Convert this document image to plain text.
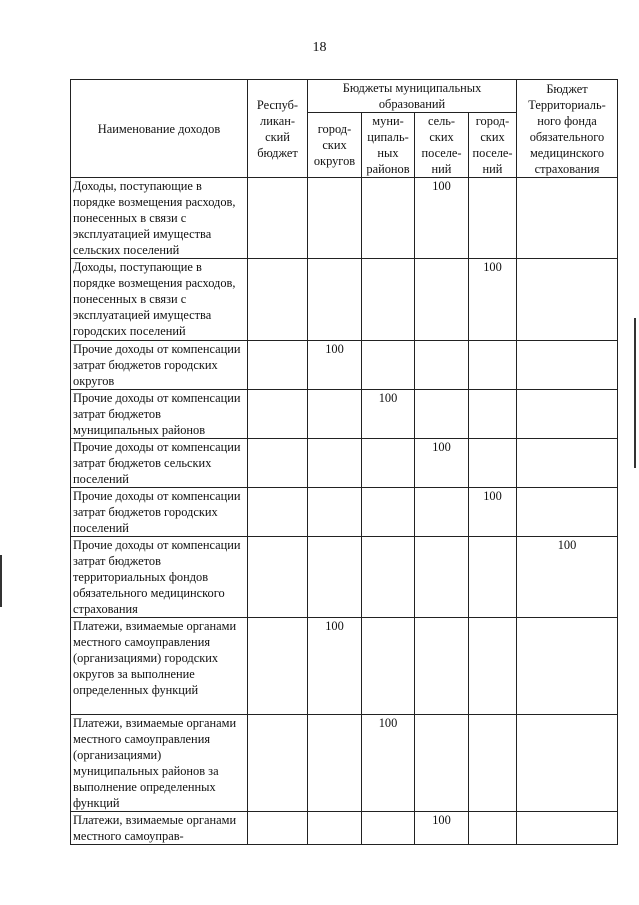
18
Наименование доходов	Респуб-ликан-ский бюджет	Бюджеты муниципальных образований				Бюджет Территориаль-ного фонда обязательного медицинского страхования
		город-ских округов	муни-ципаль-ных районов	сель-ских поселе-ний	город-ских поселе-ний	
Доходы, поступающие в порядке возмещения расходов, понесенных в связи с эксплуатацией имущества сельских поселений				100		
Доходы, поступающие в порядке возмещения расходов, понесенных в связи с эксплуатацией имущества городских поселений					100	
Прочие доходы от компенсации затрат бюджетов городских округов		100				
Прочие доходы от компенсации затрат бюджетов муниципальных районов			100			
Прочие доходы от компенсации затрат бюджетов сельских поселений				100		
Прочие доходы от компенсации затрат бюджетов городских поселений					100	
Прочие доходы от компенсации затрат бюджетов территориальных фондов обязательного медицинского страхования						100
Платежи, взимаемые органами местного самоуправления (организациями) городских округов за выполнение определенных функций		100				
Платежи, взимаемые органами местного самоуправления (организациями) муниципальных районов за выполнение определенных функций			100			
Платежи, взимаемые органами местного самоуправ-				100		
